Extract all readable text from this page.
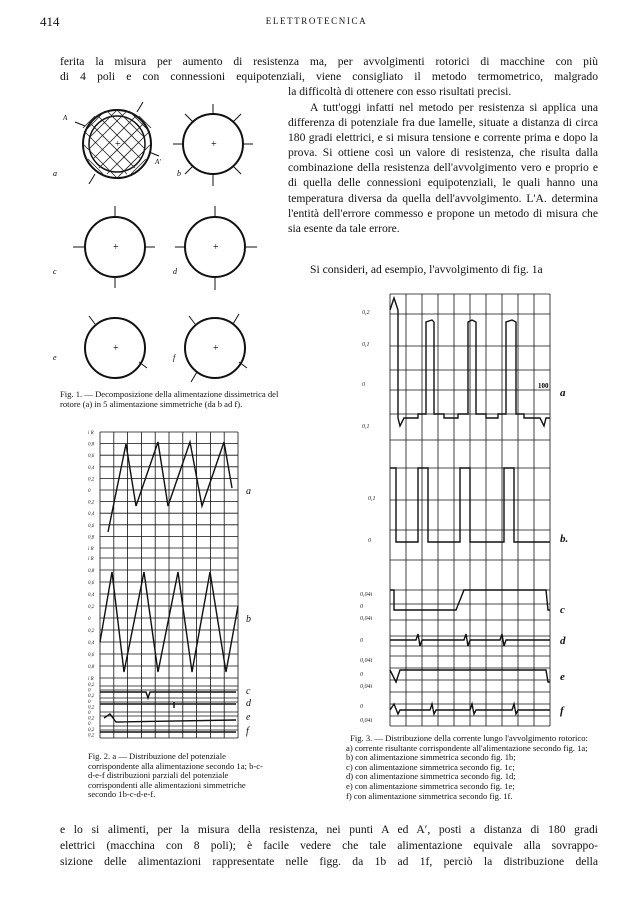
414	ELETTROTECNICA
ferita la misura per aumento di resistenza ma, per avvolgimenti rotorici di macchine con più
di 4 poli e con connessioni equipotenziali, viene consigliato il metodo termometrico, malgrado
la difficoltà di ottenere con esso risultati precisi.
A tutt'oggi infatti nel metodo per resistenza si applica una differenza di potenziale fra due lamelle, situate a distanza di circa 180 gradi elettrici, e si misura tensione e corrente prima e dopo la prova. Si ottiene così un valore di resistenza, che risulta dalla combinazione della resistenza dell'avvolgimento vero e proprio e di quella delle connessioni equipotenziali, le quali hanno una temperatura diversa da quella dell'avvolgimento. L'A. determina l'entità dell'errore commesso e propone un metodo di misura che sia esente da tale errore.
Si consideri, ad esempio, l'avvolgimento di fig. 1a
+
A
A'
a
+
b
+
c
+
d
+
e
+
f
Fig. 1. — Decomposizione della alimentazione dissimetrica del rotore (a) in 5 alimentazione simmetriche (da b ad f).
i R
0,8
0,6
0,4
0,2
0
0,2
0,4
0,6
0,8
i R
i R
0,8
0,6
0,4
0,2
0
0,2
0,4
0,6
0,8
i R
0,2
0
0,2
0
0,2
0
0,2
0
0,2
0,2
a
b
c
d
e
f
Fig. 2. a — Distribuzione del potenziale corrispondente alla alimentazione secondo 1a; b-c-d-e-f distribuzioni parziali del potenziale corrispondenti alle alimentazioni simmetriche secondo 1b-c-d-e-f.
0,2
0,1
0
0,1
0,1
0
0,04i
0
0,04i
0
0,04i
0
0,04i
0
0,04i
100
a
b.
c
d
e
f
Fig. 3. — Distribuzione della corrente lungo l'avvolgimento rotorico:
a) corrente risultante corrispondente all'alimentazione secondo fig. 1a;
b) con alimentazione simmetrica secondo fig. 1b;
c) con alimentazione simmetrica secondo fig. 1c;
d) con alimentazione simmetrica secondo fig. 1d;
e) con alimentazione simmetrica secondo fig. 1e;
f) con alimentazione simmetrica secondo fig. 1f.
e lo si alimenti, per la misura della resistenza, nei punti A ed A′, posti a distanza di 180 gradi
elettrici (macchina con 8 poli); è facile vedere che tale alimentazione equivale alla sovrappo-
sizione delle alimentazioni rappresentate nelle figg. da 1b ad 1f, perciò la distribuzione della
